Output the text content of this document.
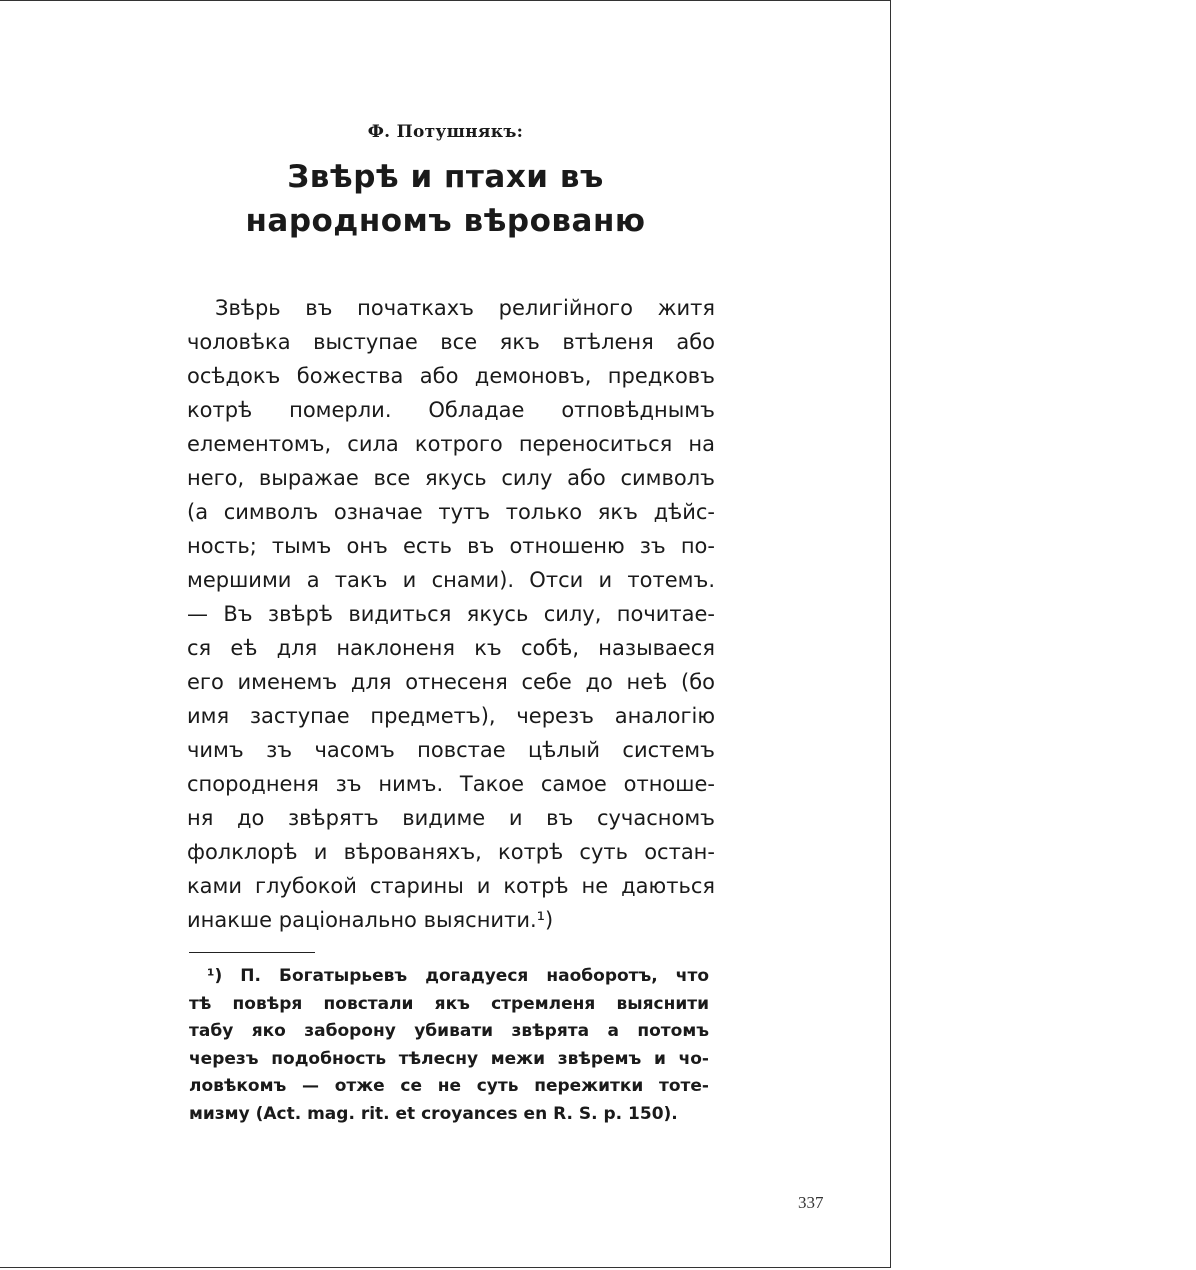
Ф. Потушнякъ:
Звѣрѣ и птахи въ
народномъ вѣрованю
Звѣрь въ початкахъ религійного житя
чоловѣка выступае все якъ втѣленя або
осѣдокъ божества або демоновъ, предковъ
котрѣ померли. Обладае отповѣднымъ
елементомъ, сила котрого переноситься на
него, выражае все якусь силу або символъ
(а символъ означае тутъ только якъ дѣйс-
ность; тымъ онъ есть въ отношеню зъ по-
мершими а такъ и снами). Отси и тотемъ.
— Въ звѣрѣ видиться якусь силу, почитае-
ся еѣ для наклоненя къ собѣ, называеся
его именемъ для отнесеня себе до неѣ (бо
имя заступае предметъ), черезъ аналогію
чимъ зъ часомъ повстае цѣлый системъ
спородненя зъ нимъ. Такое самое отноше-
ня до звѣрятъ видиме и въ сучасномъ
фолклорѣ и вѣрованяхъ, котрѣ суть остан-
ками глубокой старины и котрѣ не даються
инакше раціонально выяснити.¹)
¹) П. Богатырьевъ догадуеся наоборотъ, что
тѣ повѣря повстали якъ стремленя выяснити
табу яко заборону убивати звѣрята а потомъ
черезъ подобность тѣлесну межи звѣремъ и чо-
ловѣкомъ — отже се не суть пережитки тоте-
мизму (Act. mag. rit. et croyances en R. S. p. 150).
337
